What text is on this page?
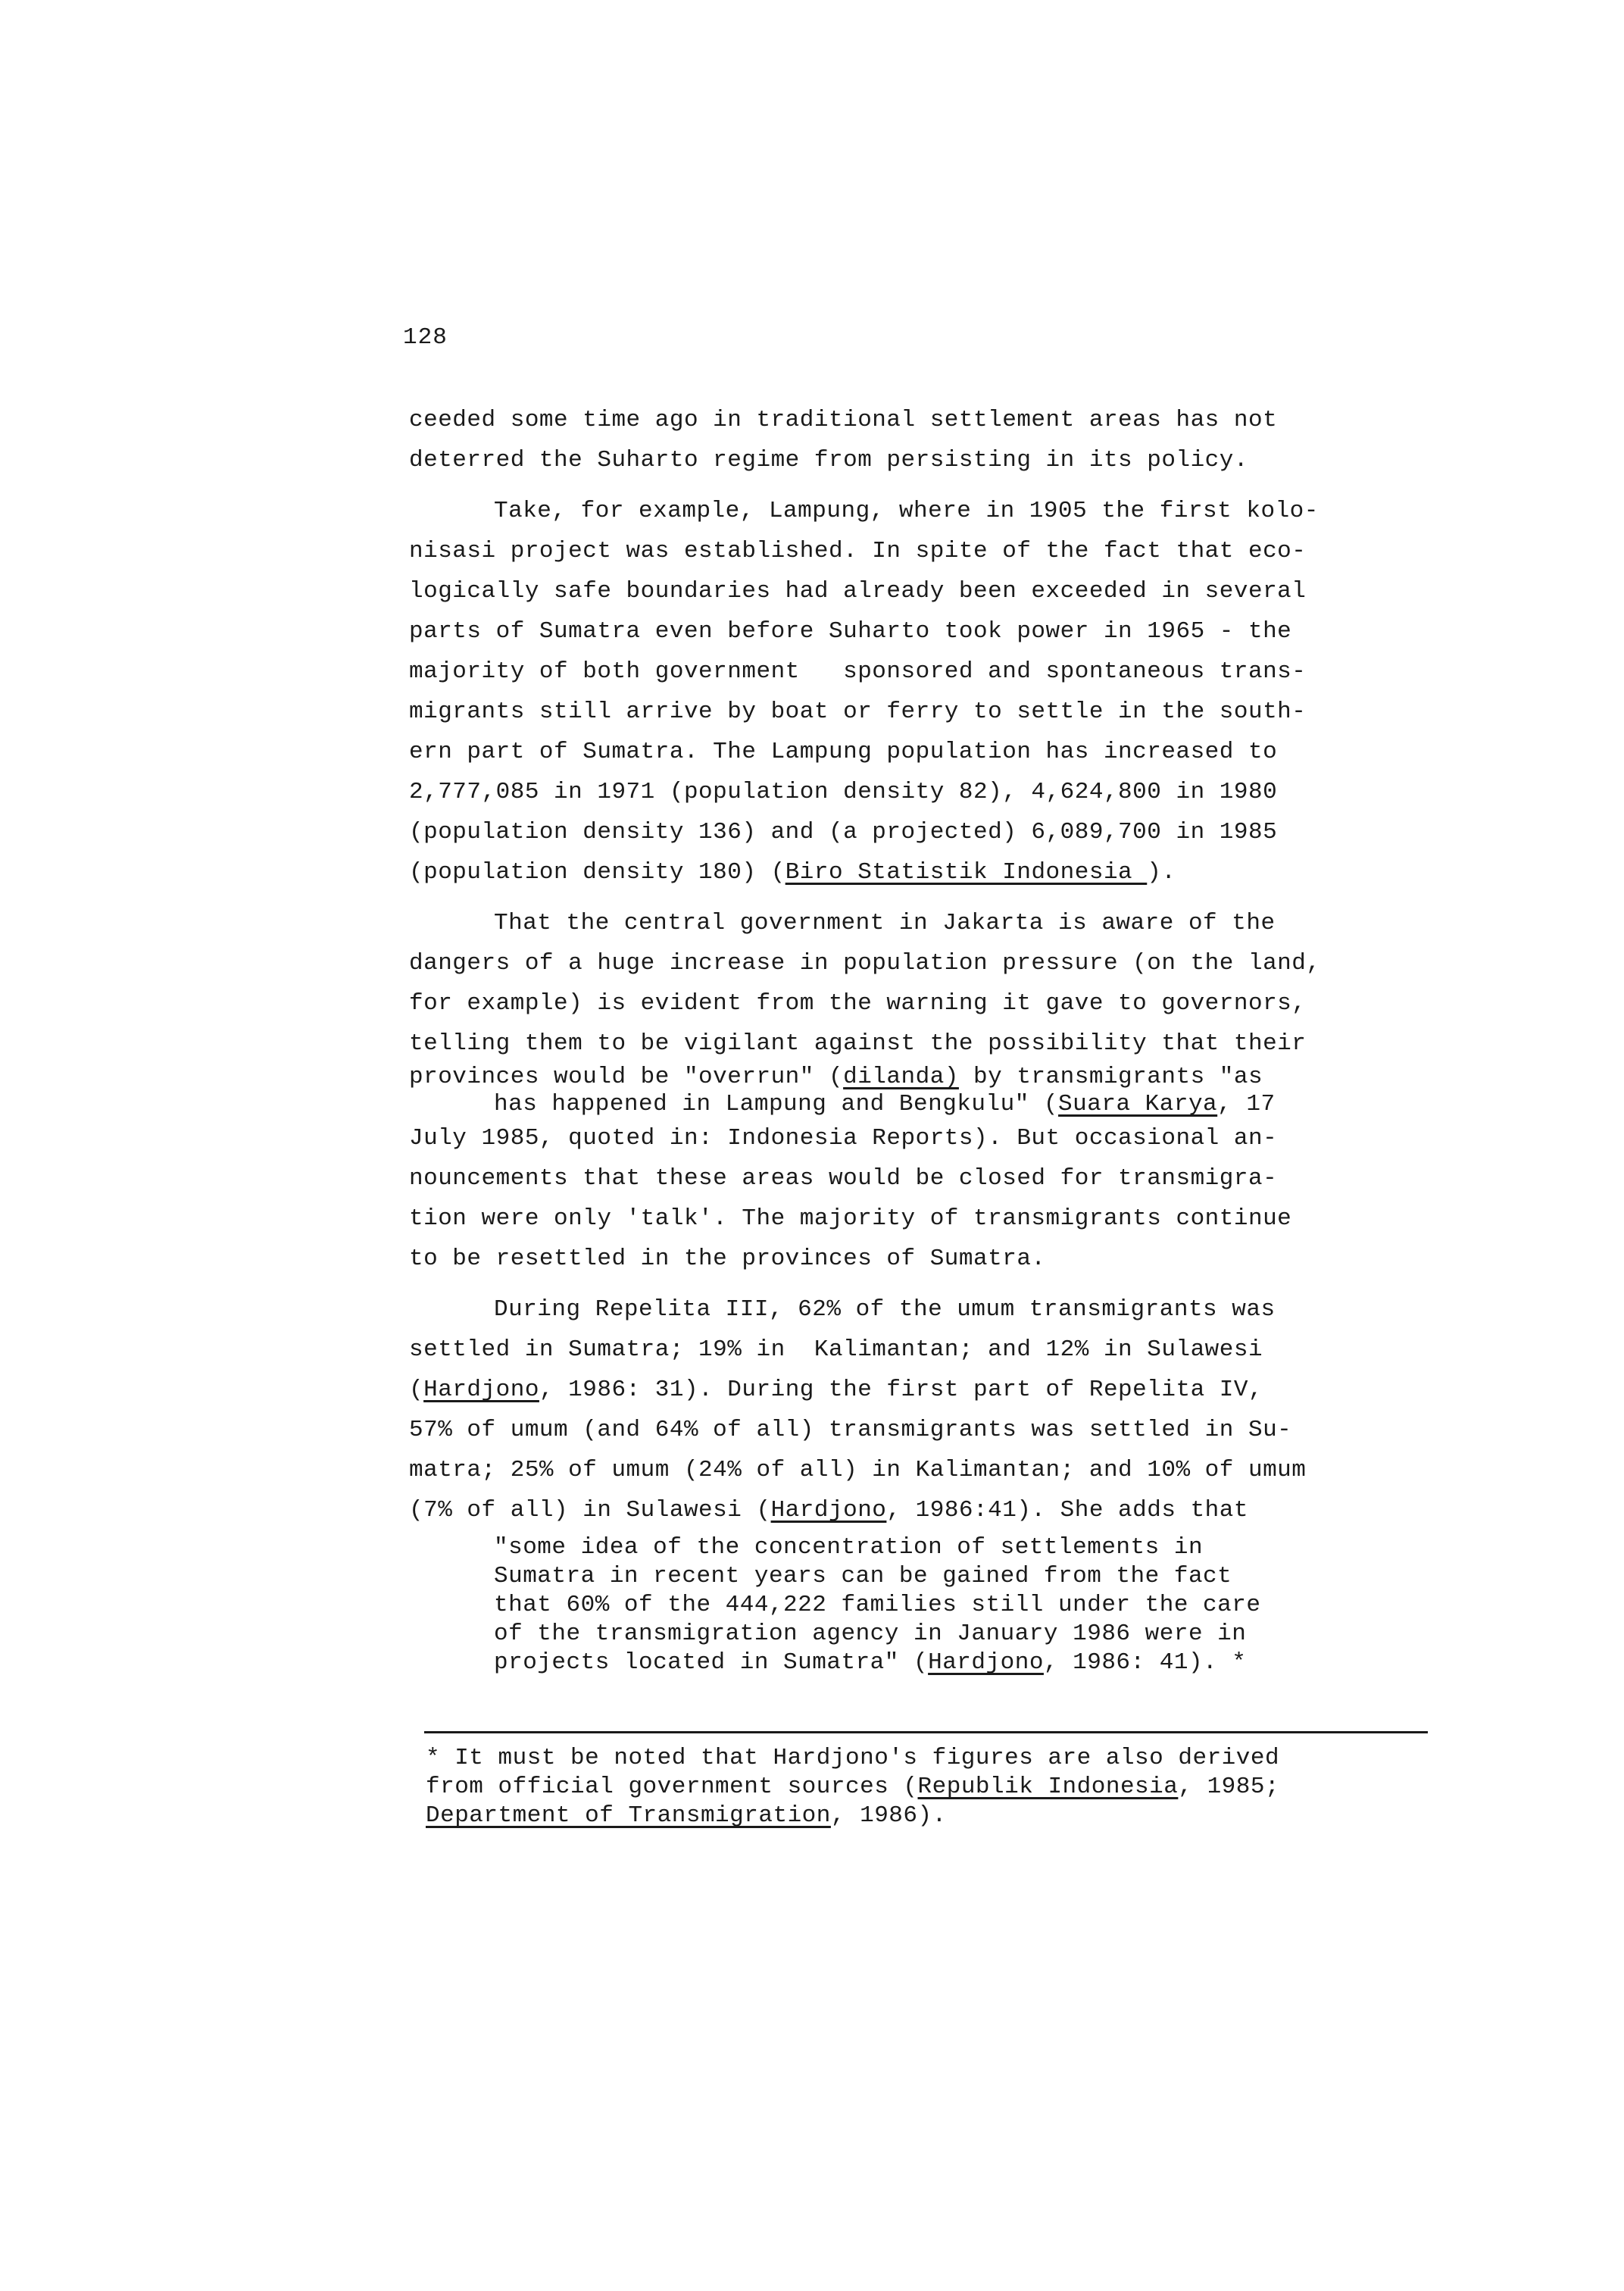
128
ceeded some time ago in traditional settlement areas has not
deterred the Suharto regime from persisting in its policy.
Take, for example, Lampung, where in 1905 the first kolo-
nisasi project was established. In spite of the fact that eco-
logically safe boundaries had already been exceeded in several
parts of Sumatra even before Suharto took power in 1965 - the
majority of both government   sponsored and spontaneous trans-
migrants still arrive by boat or ferry to settle in the south-
ern part of Sumatra. The Lampung population has increased to
2,777,085 in 1971 (population density 82), 4,624,800 in 1980
(population density 136) and (a projected) 6,089,700 in 1985
(population density 180) (Biro Statistik Indonesia ).
That the central government in Jakarta is aware of the
dangers of a huge increase in population pressure (on the land,
for example) is evident from the warning it gave to governors,
telling them to be vigilant against the possibility that their
provinces would be "overrun" (dilanda) by transmigrants "as
has happened in Lampung and Bengkulu" (Suara Karya, 17
July 1985, quoted in: Indonesia Reports). But occasional an-
nouncements that these areas would be closed for transmigra-
tion were only 'talk'. The majority of transmigrants continue
to be resettled in the provinces of Sumatra.
During Repelita III, 62% of the umum transmigrants was
settled in Sumatra; 19% in  Kalimantan; and 12% in Sulawesi
(Hardjono, 1986: 31). During the first part of Repelita IV,
57% of umum (and 64% of all) transmigrants was settled in Su-
matra; 25% of umum (24% of all) in Kalimantan; and 10% of umum
(7% of all) in Sulawesi (Hardjono, 1986:41). She adds that
"some idea of the concentration of settlements in
Sumatra in recent years can be gained from the fact
that 60% of the 444,222 families still under the care
of the transmigration agency in January 1986 were in
projects located in Sumatra" (Hardjono, 1986: 41). *
* It must be noted that Hardjono's figures are also derived
from official government sources (Republik Indonesia, 1985;
Department of Transmigration, 1986).
